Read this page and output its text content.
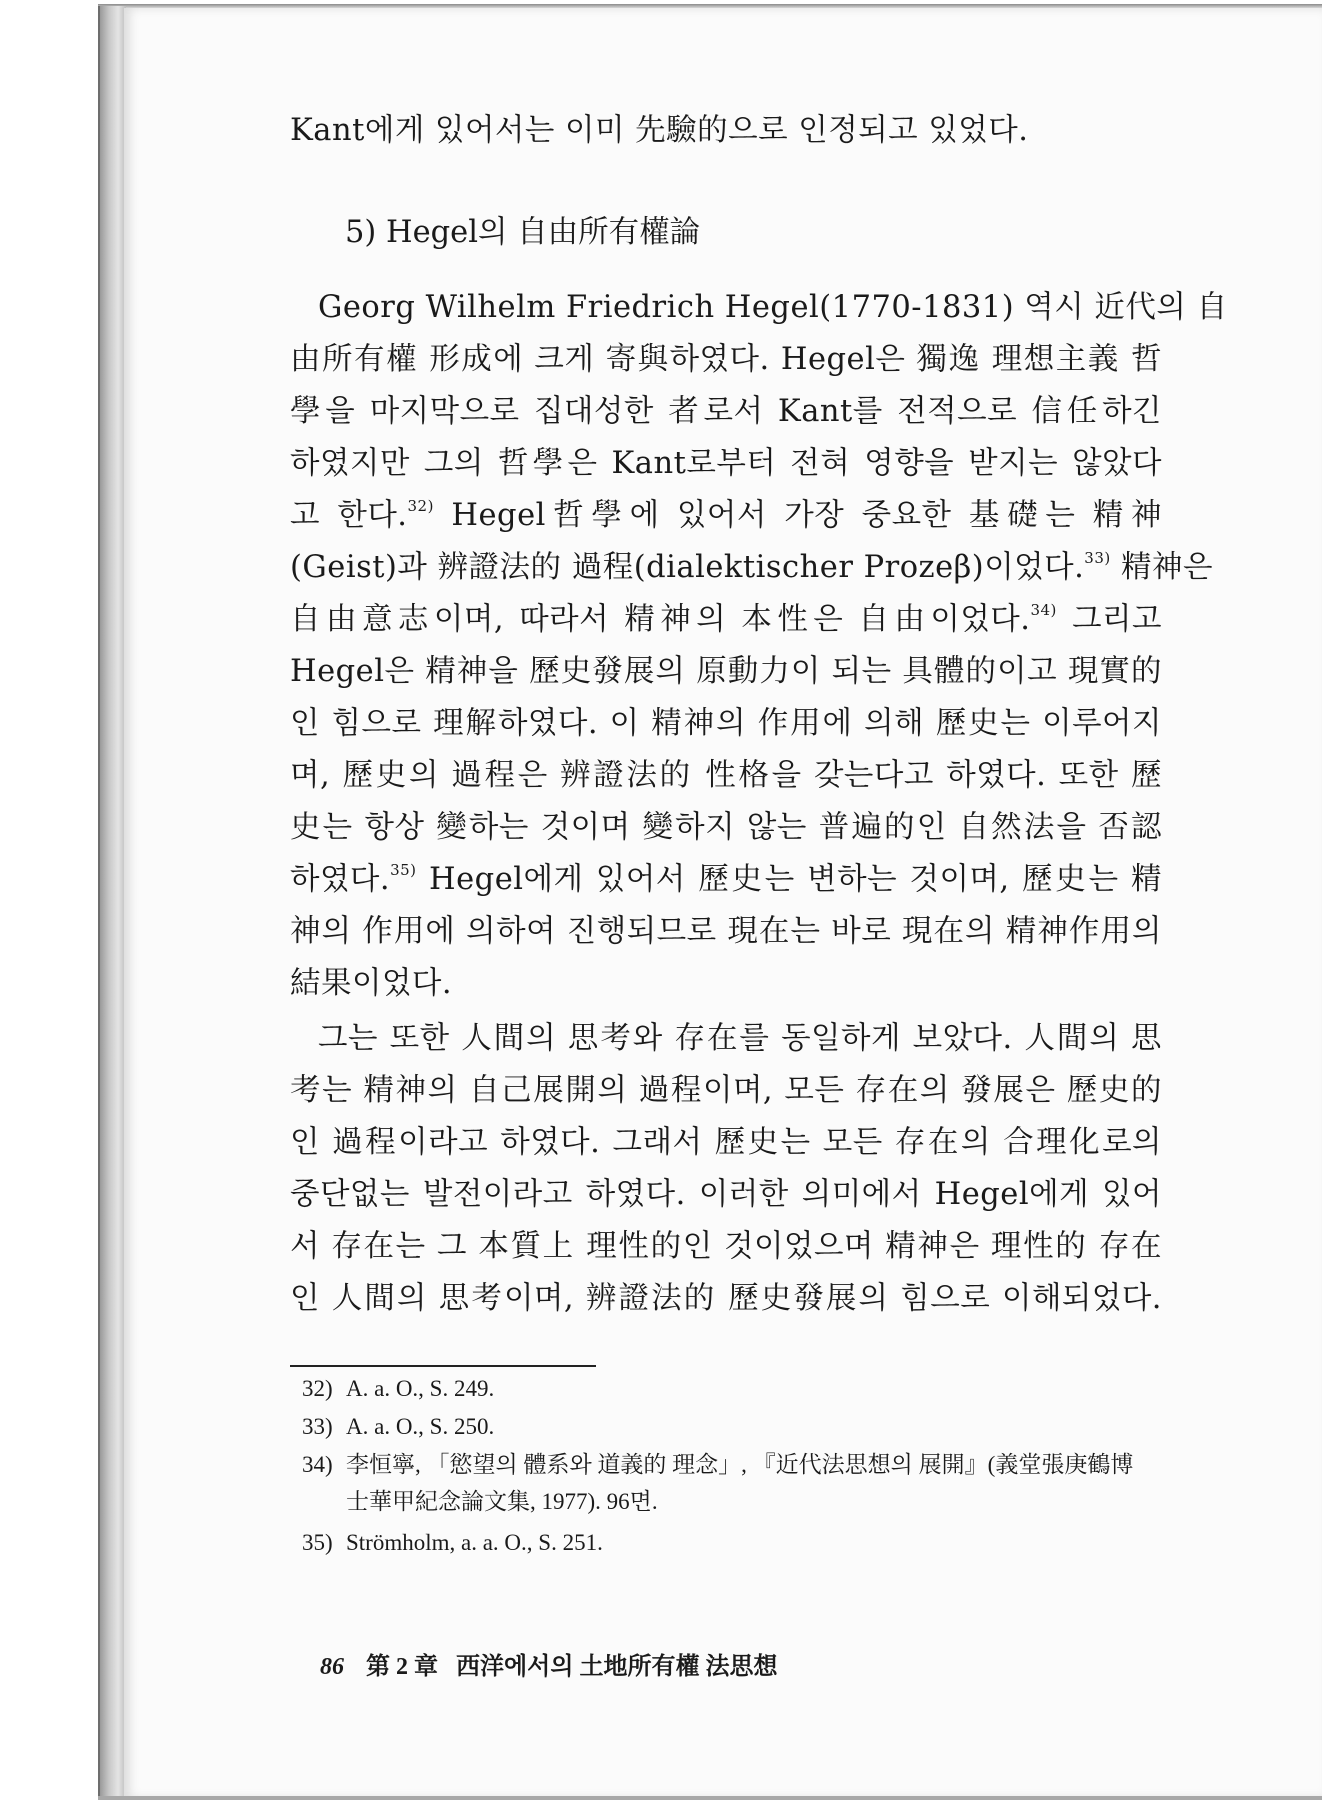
Kant에게 있어서는 이미 先驗的으로 인정되고 있었다.
5) Hegel의 自由所有權論
Georg Wilhelm Friedrich Hegel(1770-1831) 역시 近代의 自
由所有權 形成에 크게 寄與하였다. Hegel은 獨逸 理想主義 哲
學을 마지막으로 집대성한 者로서 Kant를 전적으로 信任하긴
하였지만 그의 哲學은 Kant로부터 전혀 영향을 받지는 않았다
고 한다.$^{32)}$ Hegel哲學에 있어서 가장 중요한 基礎는 精神
(Geist)과 辨證法的 過程(dialektischer Prozeβ)이었다.$^{33)}$ 精神은
自由意志이며, 따라서 精神의 本性은 自由이었다.$^{34)}$ 그리고
Hegel은 精神을 歷史發展의 原動力이 되는 具體的이고 現實的
인 힘으로 理解하였다. 이 精神의 作用에 의해 歷史는 이루어지
며, 歷史의 過程은 辨證法的 性格을 갖는다고 하였다. 또한 歷
史는 항상 變하는 것이며 變하지 않는 普遍的인 自然法을 否認
하였다.$^{35)}$ Hegel에게 있어서 歷史는 변하는 것이며, 歷史는 精
神의 作用에 의하여 진행되므로 現在는 바로 現在의 精神作用의
結果이었다.
그는 또한 人間의 思考와 存在를 동일하게 보았다. 人間의 思
考는 精神의 自己展開의 過程이며, 모든 存在의 發展은 歷史的
인 過程이라고 하였다. 그래서 歷史는 모든 存在의 合理化로의
중단없는 발전이라고 하였다. 이러한 의미에서 Hegel에게 있어
서 存在는 그 本質上 理性的인 것이었으며 精神은 理性的 存在
인 人間의 思考이며, 辨證法的 歷史發展의 힘으로 이해되었다.
32) A. a. O., S. 249.
33) A. a. O., S. 250.
34) 李恒寧, 「慾望의 體系와 道義的 理念」, 『近代法思想의 展開』(義堂張庚鶴博
士華甲紀念論文集, 1977). 96면.
35) Strömholm, a. a. O., S. 251.
86 第 2 章 西洋에서의 土地所有權 法思想
